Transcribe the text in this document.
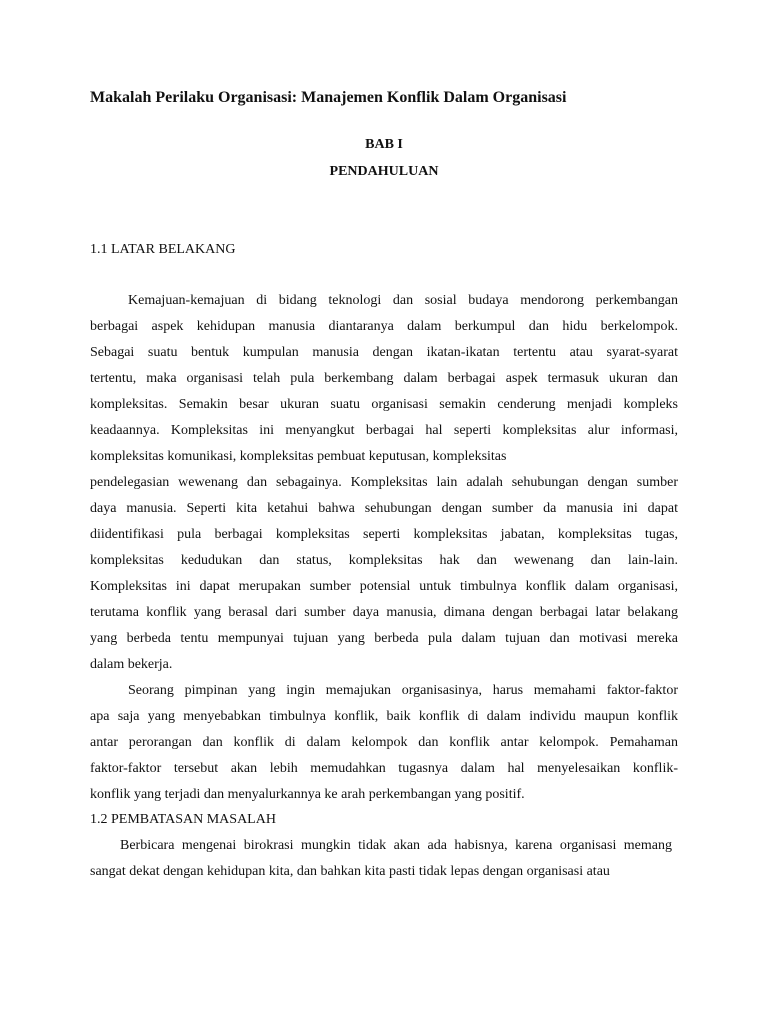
Makalah Perilaku Organisasi: Manajemen Konflik Dalam Organisasi
BAB I
PENDAHULUAN
1.1 LATAR BELAKANG
Kemajuan-kemajuan di bidang teknologi dan sosial budaya mendorong perkembangan
berbagai aspek kehidupan manusia diantaranya dalam berkumpul dan hidu berkelompok.
Sebagai suatu bentuk kumpulan manusia dengan ikatan-ikatan tertentu atau syarat-syarat
tertentu, maka organisasi telah pula berkembang dalam berbagai aspek termasuk ukuran dan
kompleksitas. Semakin besar ukuran suatu organisasi semakin cenderung menjadi kompleks
keadaannya. Kompleksitas ini menyangkut berbagai hal seperti kompleksitas alur informasi,
kompleksitas komunikasi, kompleksitas pembuat keputusan, kompleksitas
pendelegasian wewenang dan sebagainya. Kompleksitas lain adalah sehubungan dengan sumber
daya manusia. Seperti kita ketahui bahwa sehubungan dengan sumber da manusia ini dapat
diidentifikasi pula berbagai kompleksitas seperti kompleksitas jabatan, kompleksitas tugas,
kompleksitas kedudukan dan status, kompleksitas hak dan wewenang dan lain-lain.
Kompleksitas ini dapat merupakan sumber potensial untuk timbulnya konflik dalam organisasi,
terutama konflik yang berasal dari sumber daya manusia, dimana dengan berbagai latar belakang
yang berbeda tentu mempunyai tujuan yang berbeda pula dalam tujuan dan motivasi mereka
dalam bekerja.
Seorang pimpinan yang ingin memajukan organisasinya, harus memahami faktor-faktor
apa saja yang menyebabkan timbulnya konflik, baik konflik di dalam individu maupun konflik
antar perorangan dan konflik di dalam kelompok dan konflik antar kelompok. Pemahaman
faktor-faktor tersebut akan lebih memudahkan tugasnya dalam hal menyelesaikan konflik-
konflik yang terjadi dan menyalurkannya ke arah perkembangan yang positif.
1.2 PEMBATASAN MASALAH
Berbicara mengenai birokrasi mungkin tidak akan ada habisnya, karena organisasi memang
sangat dekat dengan kehidupan kita, dan bahkan kita pasti tidak lepas dengan organisasi atau
